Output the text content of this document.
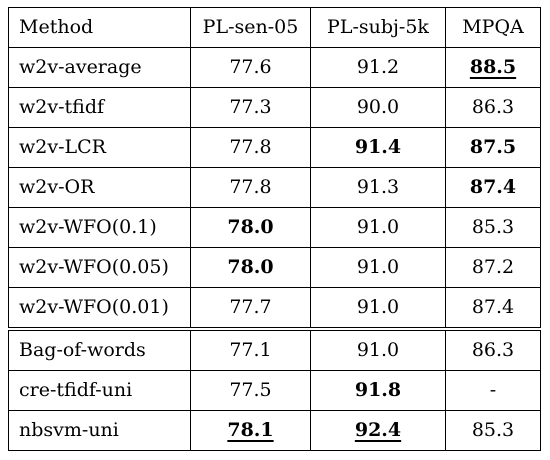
Method	PL-sen-05	PL-subj-5k	MPQA
w2v-average	77.6	91.2	88.5
w2v-tfidf	77.3	90.0	86.3
w2v-LCR	77.8	91.4	87.5
w2v-OR	77.8	91.3	87.4
w2v-WFO(0.1)	78.0	91.0	85.3
w2v-WFO(0.05)	78.0	91.0	87.2
w2v-WFO(0.01)	77.7	91.0	87.4
Bag-of-words	77.1	91.0	86.3
cre-tfidf-uni	77.5	91.8	-
nbsvm-uni	78.1	92.4	85.3
